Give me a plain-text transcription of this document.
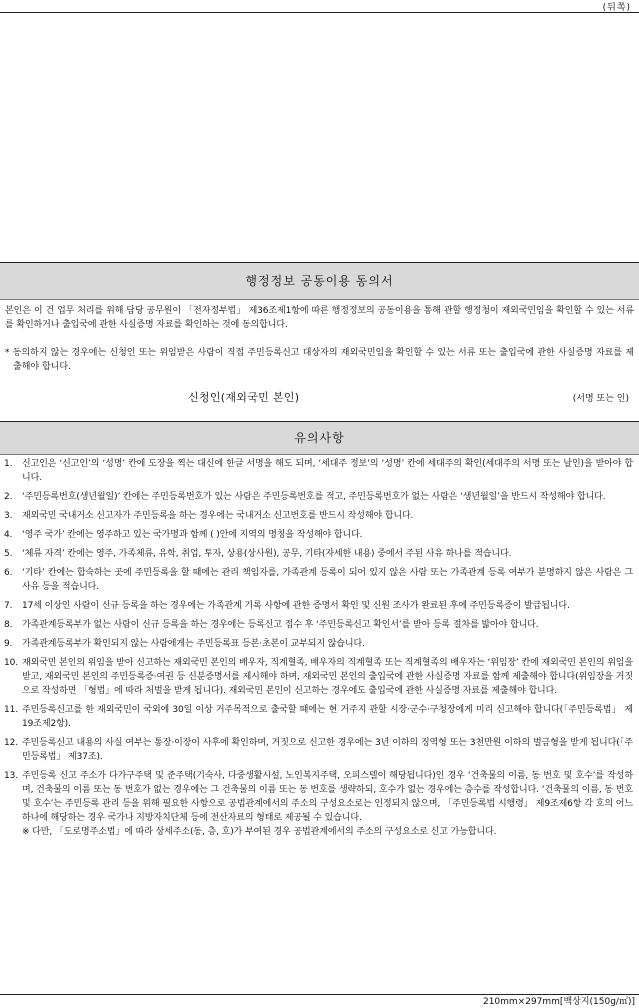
(뒤쪽)
행정정보 공동이용 동의서
본인은 이 건 업무 처리를 위해 담당 공무원이 「전자정부법」 제36조제1항에 따른 행정정보의 공동이용을 통해 관할 행정청이 재외국민임을 확인할 수 있는 서류를 확인하거나 출입국에 관한 사실증명 자료를 확인하는 것에 동의합니다.
* 동의하지 않는 경우에는 신청인 또는 위임받은 사람이 직접 주민등록신고 대상자의 재외국민임을 확인할 수 있는 서류 또는 출입국에 관한 사실증명 자료를 제출해야 합니다.
신청인(재외국민 본인)	(서명 또는 인)
유의사항
1. 신고인은 ‘신고인’의 ‘성명’ 칸에 도장을 찍는 대신에 한글 서명을 해도 되며, ‘세대주 정보’의 ‘성명’ 칸에 세대주의 확인(세대주의 서명 또는 날인)을 받아야 합니다.
2. ‘주민등록번호(생년월일)’ 칸에는 주민등록번호가 있는 사람은 주민등록번호를 적고, 주민등록번호가 없는 사람은 ‘생년월일’을 반드시 작성해야 합니다.
3. 재외국민 국내거소 신고자가 주민등록을 하는 경우에는 국내거소 신고번호를 반드시 작성해야 합니다.
4. ‘영주 국가’ 칸에는 영주하고 있는 국가명과 함께 ( )안에 지역의 명칭을 작성해야 합니다.
5. ‘체류 자격’ 칸에는 영주, 가족체류, 유학, 취업, 투자, 상용(상사원), 공무, 기타(자세한 내용) 중에서 주된 사유 하나를 적습니다.
6. ‘기타’ 칸에는 합숙하는 곳에 주민등록을 할 때에는 관리 책임자를, 가족관계 등록이 되어 있지 않은 사람 또는 가족관계 등록 여부가 분명하지 않은 사람은 그 사유 등을 적습니다.
7. 17세 이상인 사람이 신규 등록을 하는 경우에는 가족관계 기록 사항에 관한 증명서 확인 및 신원 조사가 완료된 후에 주민등록증이 발급됩니다.
8. 가족관계등록부가 없는 사람이 신규 등록을 하는 경우에는 등록신고 접수 후 ‘주민등록신고 확인서’를 받아 등록 절차를 밟아야 합니다.
9. 가족관계등록부가 확인되지 않는 사람에게는 주민등록표 등본·초본이 교부되지 않습니다.
10. 재외국민 본인의 위임을 받아 신고하는 재외국민 본인의 배우자, 직계혈족, 배우자의 직계혈족 또는 직계혈족의 배우자는 ‘위임장’ 칸에 재외국민 본인의 위임을 받고, 재외국민 본인의 주민등록증·여권 등 신분증명서를 제시해야 하며, 재외국민 본인의 출입국에 관한 사실증명 자료를 함께 제출해야 합니다(위임장을 거짓으로 작성하면 「형법」에 따라 처벌을 받게 됩니다). 재외국민 본인이 신고하는 경우에도 출입국에 관한 사실증명 자료를 제출해야 합니다.
11. 주민등록신고를 한 재외국민이 국외에 30일 이상 거주목적으로 출국할 때에는 현 거주지 관할 시장·군수·구청장에게 미리 신고해야 합니다(「주민등록법」 제19조제2항).
12. 주민등록신고 내용의 사실 여부는 통장·이장이 사후에 확인하며, 거짓으로 신고한 경우에는 3년 이하의 징역형 또는 3천만원 이하의 벌금형을 받게 됩니다(「주민등록법」 제37조).
13. 주민등록 신고 주소가 다가구주택 및 준주택(기숙사, 다중생활시설, 노인복지주택, 오피스텔이 해당됩니다)인 경우 ‘건축물의 이름, 동 번호 및 호수’를 작성하며, 건축물의 이름 또는 동 번호가 없는 경우에는 그 건축물의 이름 또는 동 번호를 생략하되, 호수가 없는 경우에는 층수를 작성합니다. ‘건축물의 이름, 동 번호 및 호수’는 주민등록 관리 등을 위해 필요한 사항으로 공법관계에서의 주소의 구성요소로는 인정되지 않으며, 「주민등록법 시행령」 제9조제6항 각 호의 어느 하나에 해당하는 경우 국가나 지방자치단체 등에 전산자료의 형태로 제공될 수 있습니다.
※ 다만, 「도로명주소법」에 따라 상세주소(동, 층, 호)가 부여된 경우 공법관계에서의 주소의 구성요소로 신고 가능합니다.
210mm×297mm[백상지(150g/㎡)]
